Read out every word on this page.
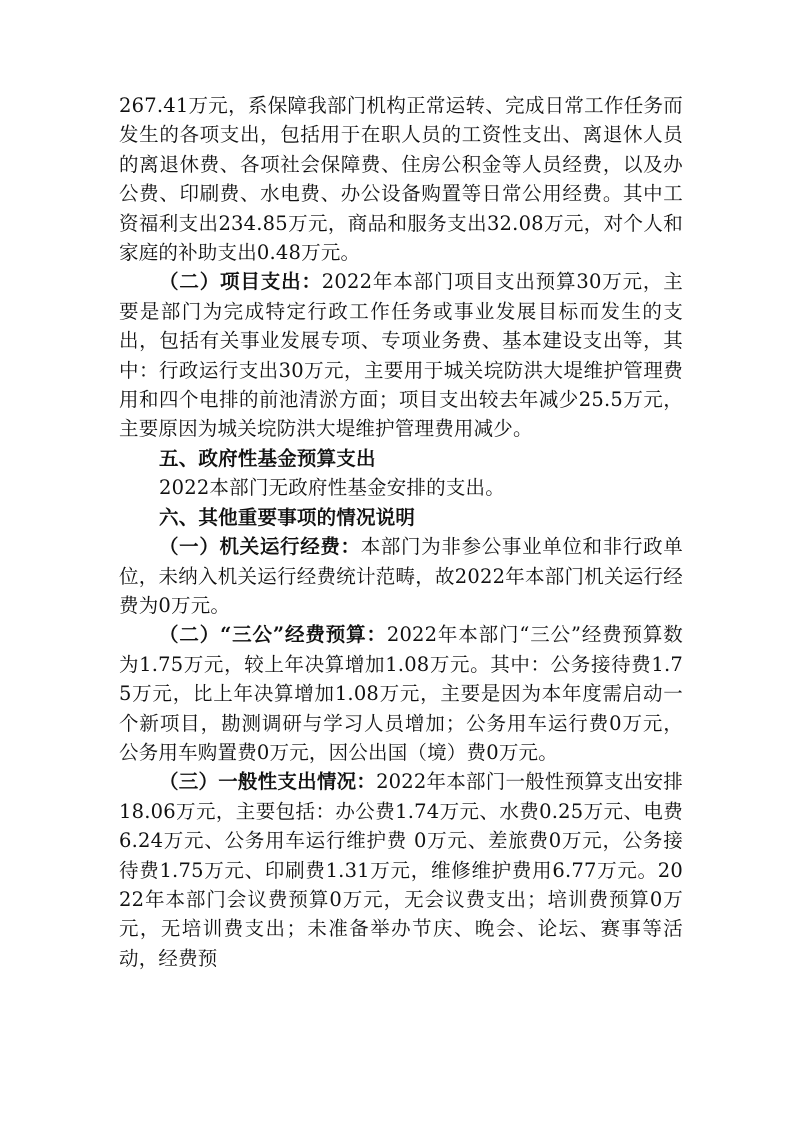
267.41万元，系保障我部门机构正常运转、完成日常工作任务而发生的各项支出，包括用于在职人员的工资性支出、离退休人员的离退休费、各项社会保障费、住房公积金等人员经费，以及办公费、印刷费、水电费、办公设备购置等日常公用经费。其中工资福利支出234.85万元，商品和服务支出32.08万元，对个人和家庭的补助支出0.48万元。

（二）项目支出：2022年本部门项目支出预算30万元，主要是部门为完成特定行政工作任务或事业发展目标而发生的支出，包括有关事业发展专项、专项业务费、基本建设支出等，其中：行政运行支出30万元，主要用于城关垸防洪大堤维护管理费用和四个电排的前池清淤方面；项目支出较去年减少25.5万元，主要原因为城关垸防洪大堤维护管理费用减少。

五、政府性基金预算支出

2022本部门无政府性基金安排的支出。

六、其他重要事项的情况说明

（一）机关运行经费：本部门为非参公事业单位和非行政单位，未纳入机关运行经费统计范畴，故2022年本部门机关运行经费为0万元。

（二）“三公”经费预算：2022年本部门“三公”经费预算数为1.75万元，较上年决算增加1.08万元。其中：公务接待费1.75万元，比上年决算增加1.08万元，主要是因为本年度需启动一个新项目，勘测调研与学习人员增加；公务用车运行费0万元，公务用车购置费0万元，因公出国（境）费0万元。

（三）一般性支出情况：2022年本部门一般性预算支出安排18.06万元，主要包括：办公费1.74万元、水费0.25万元、电费6.24万元、公务用车运行维护费 0万元、差旅费0万元，公务接待费1.75万元、印刷费1.31万元，维修维护费用6.77万元。2022年本部门会议费预算0万元，无会议费支出；培训费预算0万元，无培训费支出；未准备举办节庆、晚会、论坛、赛事等活动，经费预
